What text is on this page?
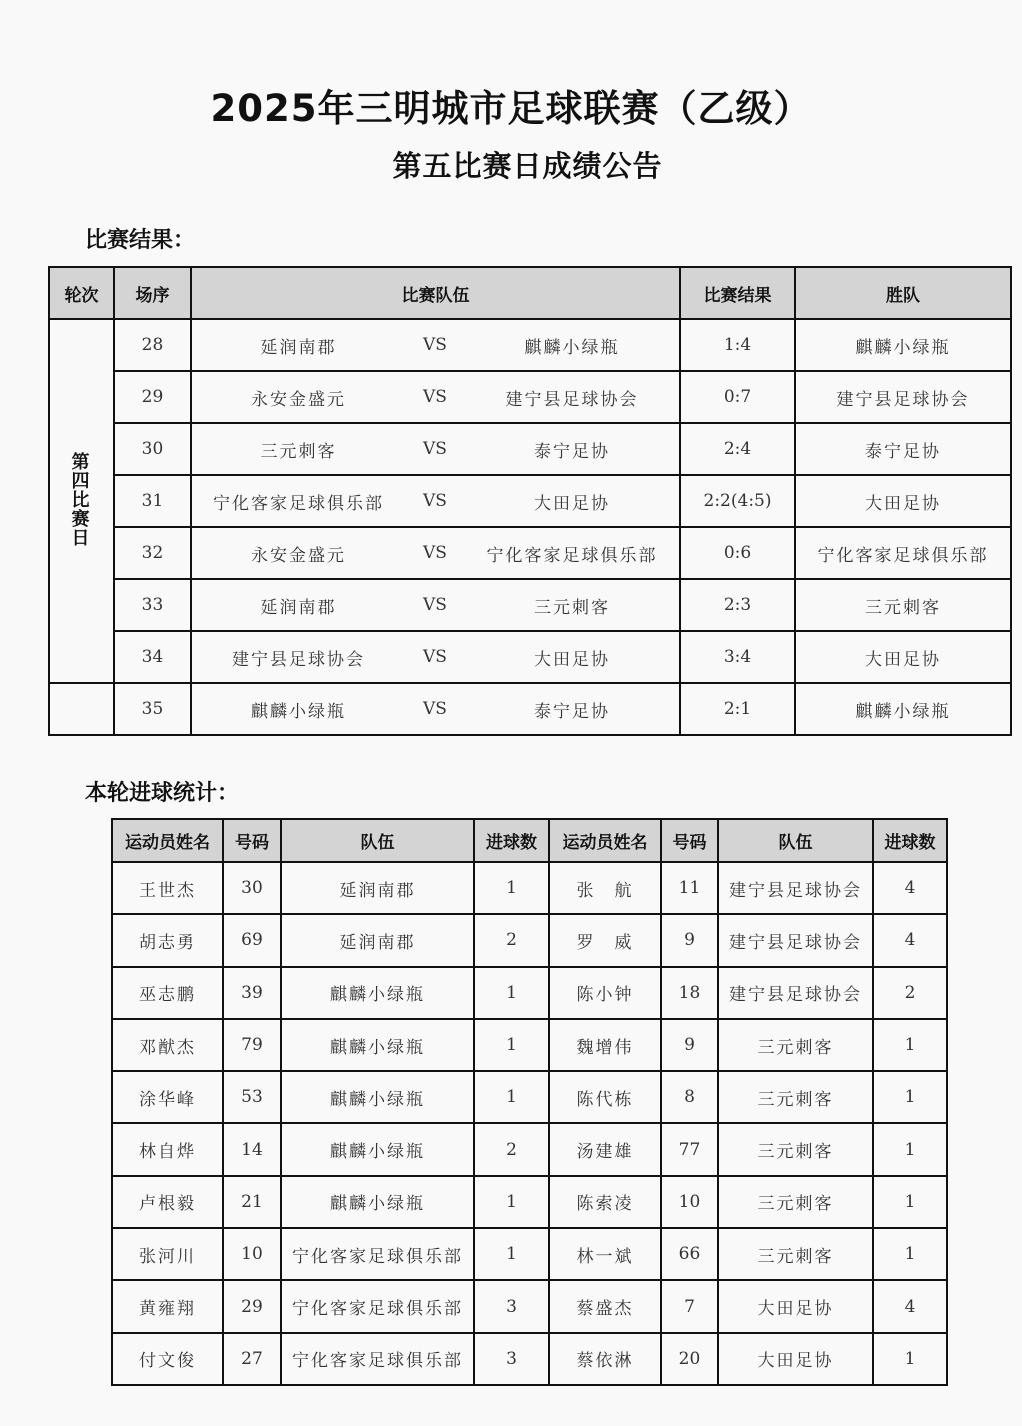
2025年三明城市足球联赛（乙级）
第五比赛日成绩公告
比赛结果：
轮次	场序	比赛队伍			比赛结果	胜队
第四比赛日	28	延润南郡	VS	麒麟小绿瓶	1:4	麒麟小绿瓶
	29	永安金盛元	VS	建宁县足球协会	0:7	建宁县足球协会
	30	三元刺客	VS	泰宁足协	2:4	泰宁足协
	31	宁化客家足球俱乐部	VS	大田足协	2:2(4:5)	大田足协
	32	永安金盛元	VS	宁化客家足球俱乐部	0:6	宁化客家足球俱乐部
	33	延润南郡	VS	三元刺客	2:3	三元刺客
	34	建宁县足球协会	VS	大田足协	3:4	大田足协
	35	麒麟小绿瓶	VS	泰宁足协	2:1	麒麟小绿瓶
本轮进球统计：
运动员姓名	号码	队伍	进球数	运动员姓名	号码	队伍	进球数
王世杰	30	延润南郡	1	张　航	11	建宁县足球协会	4
胡志勇	69	延润南郡	2	罗　威	9	建宁县足球协会	4
巫志鹏	39	麒麟小绿瓶	1	陈小钟	18	建宁县足球协会	2
邓猷杰	79	麒麟小绿瓶	1	魏增伟	9	三元刺客	1
涂华峰	53	麒麟小绿瓶	1	陈代栋	8	三元刺客	1
林自烨	14	麒麟小绿瓶	2	汤建雄	77	三元刺客	1
卢根毅	21	麒麟小绿瓶	1	陈索凌	10	三元刺客	1
张河川	10	宁化客家足球俱乐部	1	林一斌	66	三元刺客	1
黄雍翔	29	宁化客家足球俱乐部	3	蔡盛杰	7	大田足协	4
付文俊	27	宁化客家足球俱乐部	3	蔡依淋	20	大田足协	1
